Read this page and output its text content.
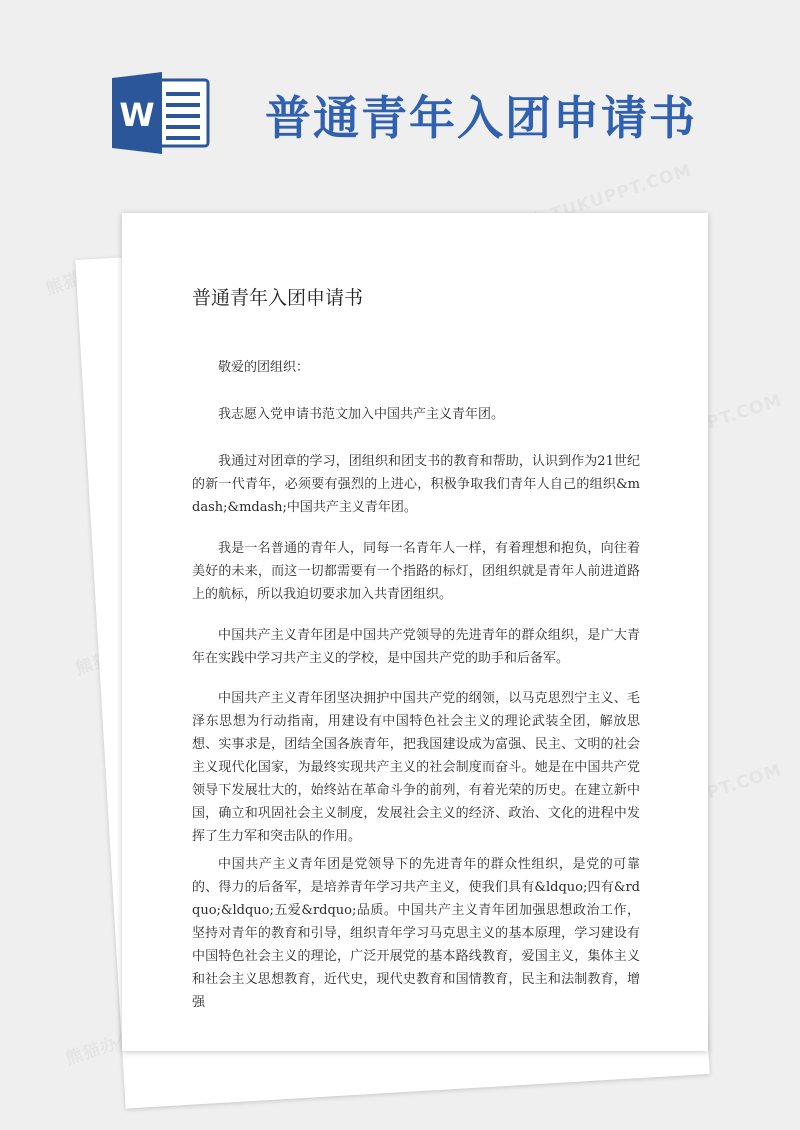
W 普通青年入团申请书
普通青年入团申请书

敬爱的团组织：

我志愿入党申请书范文加入中国共产主义青年团。

我通过对团章的学习，团组织和团支书的教育和帮助，认识到作为21世纪的新一代青年，必须要有强烈的上进心，积极争取我们青年人自己的组织&mdash;&mdash;中国共产主义青年团。

我是一名普通的青年人，同每一名青年人一样，有着理想和抱负，向往着美好的未来，而这一切都需要有一个指路的标灯，团组织就是青年人前进道路上的航标，所以我迫切要求加入共青团组织。

中国共产主义青年团是中国共产党领导的先进青年的群众组织，是广大青年在实践中学习共产主义的学校，是中国共产党的助手和后备军。

中国共产主义青年团坚决拥护中国共产党的纲领，以马克思烈宁主义、毛泽东思想为行动指南，用建设有中国特色社会主义的理论武装全团，解放思想、实事求是，团结全国各族青年，把我国建设成为富强、民主、文明的社会主义现代化国家，为最终实现共产主义的社会制度而奋斗。她是在中国共产党领导下发展壮大的，始终站在革命斗争的前列，有着光荣的历史。在建立新中国，确立和巩固社会主义制度，发展社会主义的经济、政治、文化的进程中发挥了生力军和突击队的作用。

中国共产主义青年团是党领导下的先进青年的群众性组织，是党的可靠的、得力的后备军，是培养青年学习共产主义，使我们具有&ldquo;四有&rdquo;&ldquo;五爱&rdquo;品质。中国共产主义青年团加强思想政治工作，坚持对青年的教育和引导，组织青年学习马克思主义的基本原理，学习建设有中国特色社会主义的理论，广泛开展党的基本路线教育，爱国主义，集体主义和社会主义思想教育，近代史，现代史教育和国情教育，民主和法制教育，增强
